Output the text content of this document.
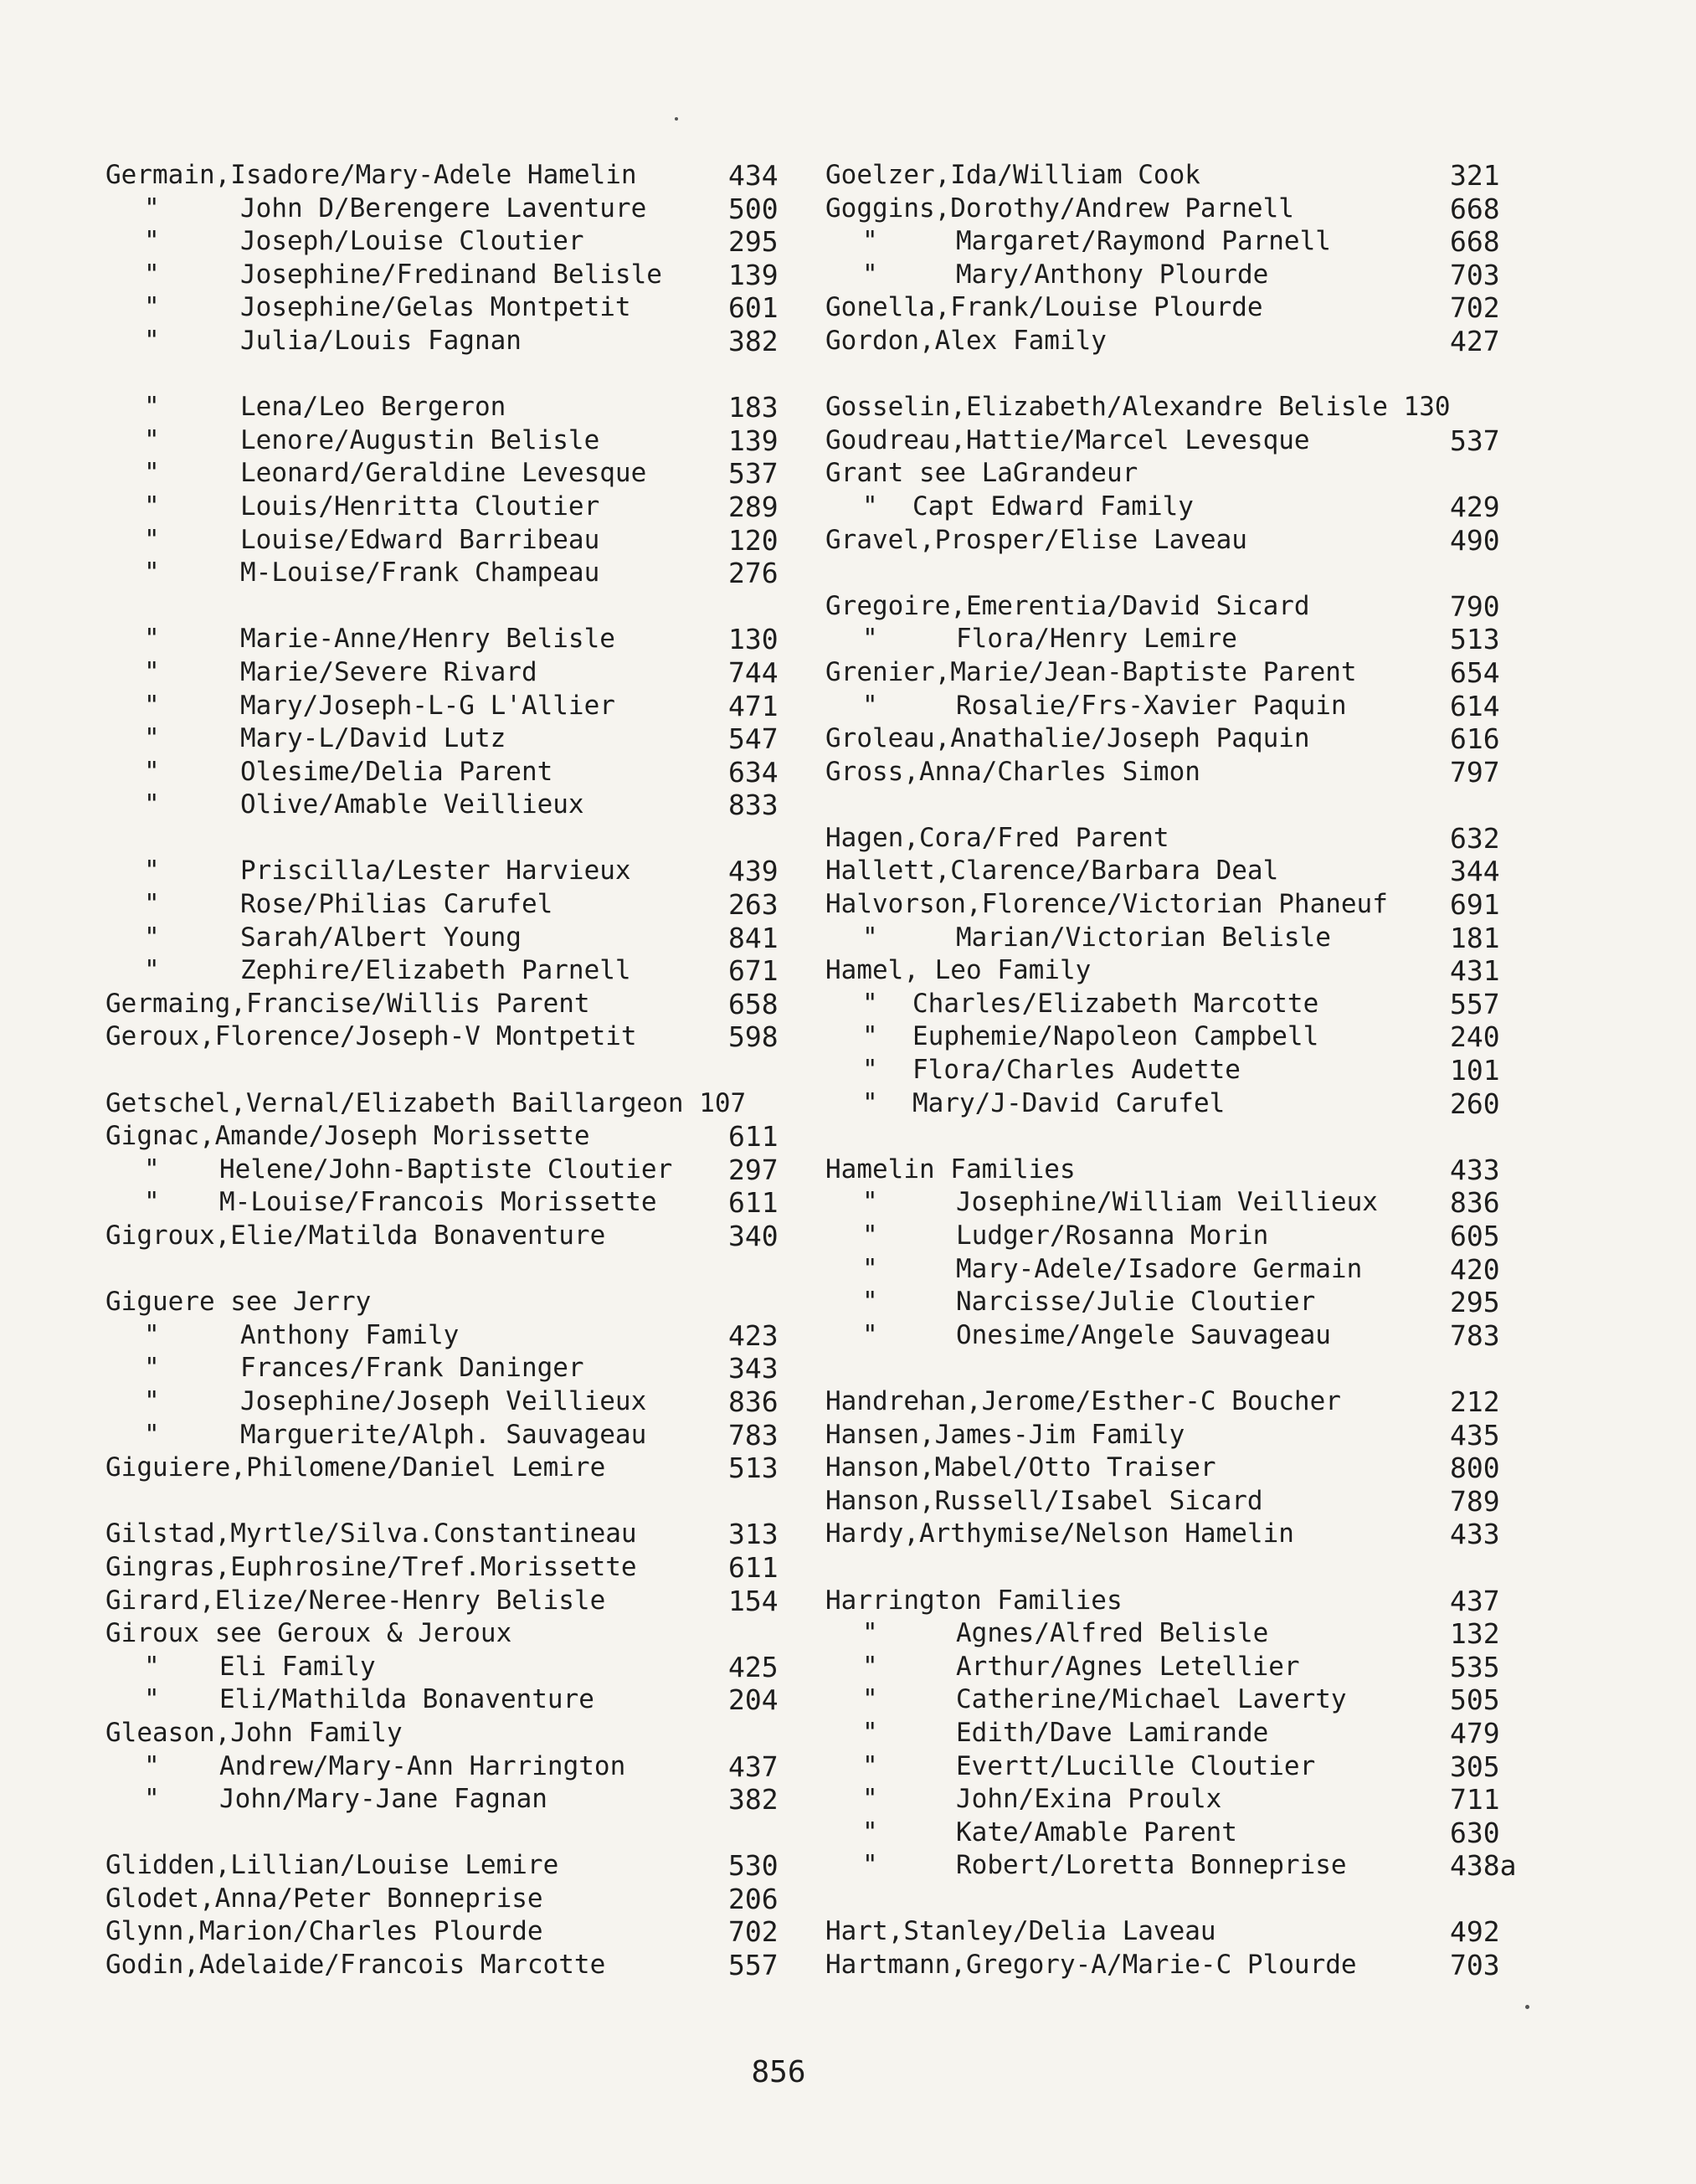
Germain,Isadore/Mary-Adele Hamelin	434
"	John D/Berengere Laventure	500
"	Joseph/Louise Cloutier	295
"	Josephine/Fredinand Belisle 139
"	Josephine/Gelas Montpetit	601
"	Julia/Louis Fagnan	382
"	Lena/Leo Bergeron	183
"	Lenore/Augustin Belisle	139
"	Leonard/Geraldine Levesque	537
"	Louis/Henritta Cloutier	289
"	Louise/Edward Barribeau	120
"	M-Louise/Frank Champeau	276
"	Marie-Anne/Henry Belisle	130
"	Marie/Severe Rivard	744
"	Mary/Joseph-L-G L'Allier	471
"	Mary-L/David Lutz	547
"	Olesime/Delia Parent	634
"	Olive/Amable Veillieux	833
"	Priscilla/Lester Harvieux	439
"	Rose/Philias Carufel	263
"	Sarah/Albert Young	841
"	Zephire/Elizabeth Parnell	671
Germaing,Francise/Willis Parent	658
Geroux,Florence/Joseph-V Montpetit	598
Getschel,Vernal/Elizabeth Baillargeon 107
Gignac,Amande/Joseph Morissette	611
" Helene/John-Baptiste Cloutier 297
" M-Louise/Francois Morissette	611
Gigroux,Elie/Matilda Bonaventure	340
Giguere see Jerry
"	Anthony Family	423
"	Frances/Frank Daninger	343
"	Josephine/Joseph Veillieux	836
"	Marguerite/Alph. Sauvageau	783
Giguiere,Philomene/Daniel Lemire	513
Gilstad,Myrtle/Silva.Constantineau	313
Gingras,Euphrosine/Tref.Morissette	611
Girard,Elize/Neree-Henry Belisle	154
Giroux see Geroux & Jeroux
" Eli Family	425
" Eli/Mathilda Bonaventure	204
Gleason,John Family
" Andrew/Mary-Ann Harrington	437
" John/Mary-Jane Fagnan	382
Glidden,Lillian/Louise Lemire	530
Glodet,Anna/Peter Bonneprise	206
Glynn,Marion/Charles Plourde	702
Godin,Adelaide/Francois Marcotte	557
Goelzer,Ida/William Cook	321
Goggins,Dorothy/Andrew Parnell	668
"	Margaret/Raymond Parnell	668
"	Mary/Anthony Plourde	703
Gonella,Frank/Louise Plourde	702
Gordon,Alex Family	427
Gosselin,Elizabeth/Alexandre Belisle 130
Goudreau,Hattie/Marcel Levesque	537
Grant see LaGrandeur
" Capt Edward Family	429
Gravel,Prosper/Elise Laveau	490
Gregoire,Emerentia/David Sicard	790
"	Flora/Henry Lemire	513
Grenier,Marie/Jean-Baptiste Parent	654
"	Rosalie/Frs-Xavier Paquin	614
Groleau,Anathalie/Joseph Paquin	616
Gross,Anna/Charles Simon	797
Hagen,Cora/Fred Parent	632
Hallett,Clarence/Barbara Deal	344
Halvorson,Florence/Victorian Phaneuf 691
"	Marian/Victorian Belisle	181
Hamel, Leo Family	431
" Charles/Elizabeth Marcotte	557
" Euphemie/Napoleon Campbell	240
" Flora/Charles Audette	101
" Mary/J-David Carufel	260
Hamelin Families	433
"	Josephine/William Veillieux	836
"	Ludger/Rosanna Morin	605
"	Mary-Adele/Isadore Germain	420
"	Narcisse/Julie Cloutier	295
"	Onesime/Angele Sauvageau	783
Handrehan,Jerome/Esther-C Boucher	212
Hansen,James-Jim Family	435
Hanson,Mabel/Otto Traiser	800
Hanson,Russell/Isabel Sicard	789
Hardy,Arthymise/Nelson Hamelin	433
Harrington Families	437
"	Agnes/Alfred Belisle	132
"	Arthur/Agnes Letellier	535
"	Catherine/Michael Laverty	505
"	Edith/Dave Lamirande	479
"	Evertt/Lucille Cloutier	305
"	John/Exina Proulx	711
"	Kate/Amable Parent	630
"	Robert/Loretta Bonneprise	438a
Hart,Stanley/Delia Laveau	492
Hartmann,Gregory-A/Marie-C Plourde	703
856
